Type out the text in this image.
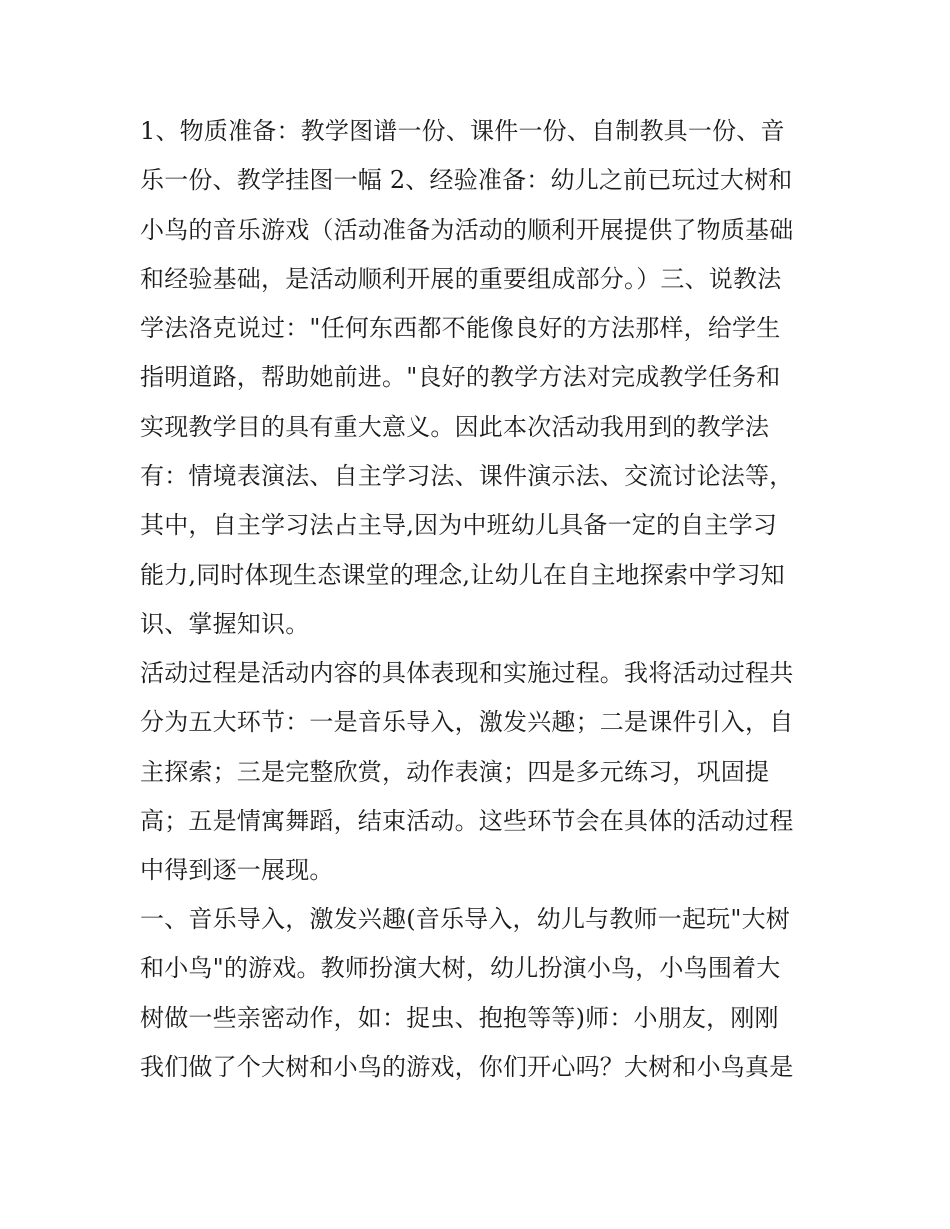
1、物质准备：教学图谱一份、课件一份、自制教具一份、音
乐一份、教学挂图一幅 2、经验准备：幼儿之前已玩过大树和
小鸟的音乐游戏（活动准备为活动的顺利开展提供了物质基础
和经验基础，是活动顺利开展的重要组成部分。）三、说教法
学法洛克说过："任何东西都不能像良好的方法那样，给学生
指明道路，帮助她前进。"良好的教学方法对完成教学任务和
实现教学目的具有重大意义。因此本次活动我用到的教学法
有：情境表演法、自主学习法、课件演示法、交流讨论法等，
其中，自主学习法占主导,因为中班幼儿具备一定的自主学习
能力,同时体现生态课堂的理念,让幼儿在自主地探索中学习知
识、掌握知识。
活动过程是活动内容的具体表现和实施过程。我将活动过程共
分为五大环节：一是音乐导入，激发兴趣；二是课件引入，自
主探索；三是完整欣赏，动作表演；四是多元练习，巩固提
高；五是情寓舞蹈，结束活动。这些环节会在具体的活动过程
中得到逐一展现。
一、音乐导入，激发兴趣(音乐导入，幼儿与教师一起玩"大树
和小鸟"的游戏。教师扮演大树，幼儿扮演小鸟，小鸟围着大
树做一些亲密动作，如：捉虫、抱抱等等)师：小朋友，刚刚
我们做了个大树和小鸟的游戏，你们开心吗？大树和小鸟真是
